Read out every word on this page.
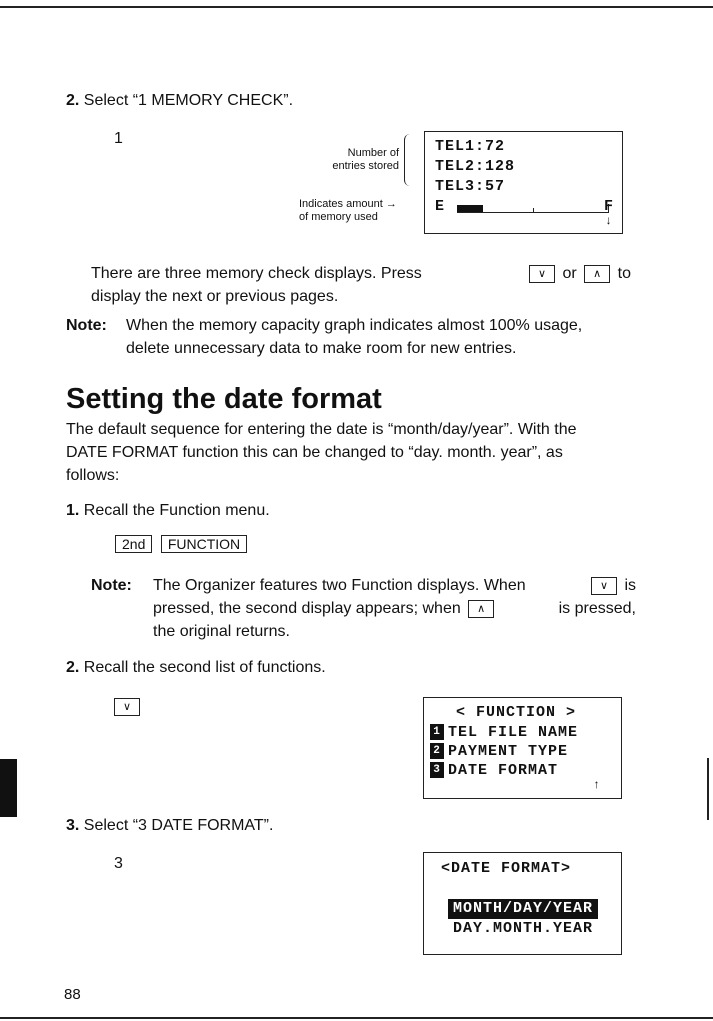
2. Select “1 MEMORY CHECK”.
1
Number of
entries stored
Indicates amount →
of memory used
TEL1:72
TEL2:128
TEL3:57
E	F
↓
There are three memory check displays. Press	∨ or ∧ to
display the next or previous pages.
Note: When the memory capacity graph indicates almost 100% usage,
delete unnecessary data to make room for new entries.
Setting the date format
The default sequence for entering the date is “month/day/year”. With the
DATE FORMAT function this can be changed to “day. month. year”, as
follows:
1. Recall the Function menu.
2nd FUNCTION
Note: The Organizer features two Function displays. When	∨ is
pressed, the second display appears; when ∧	is pressed,
the original returns.
2. Recall the second list of functions.
∨	< FUNCTION >
1 TEL FILE NAME
2 PAYMENT TYPE
3 DATE FORMAT
↑
3. Select “3 DATE FORMAT”.
3	<DATE FORMAT>
MONTH/DAY/YEAR
DAY.MONTH.YEAR
88
